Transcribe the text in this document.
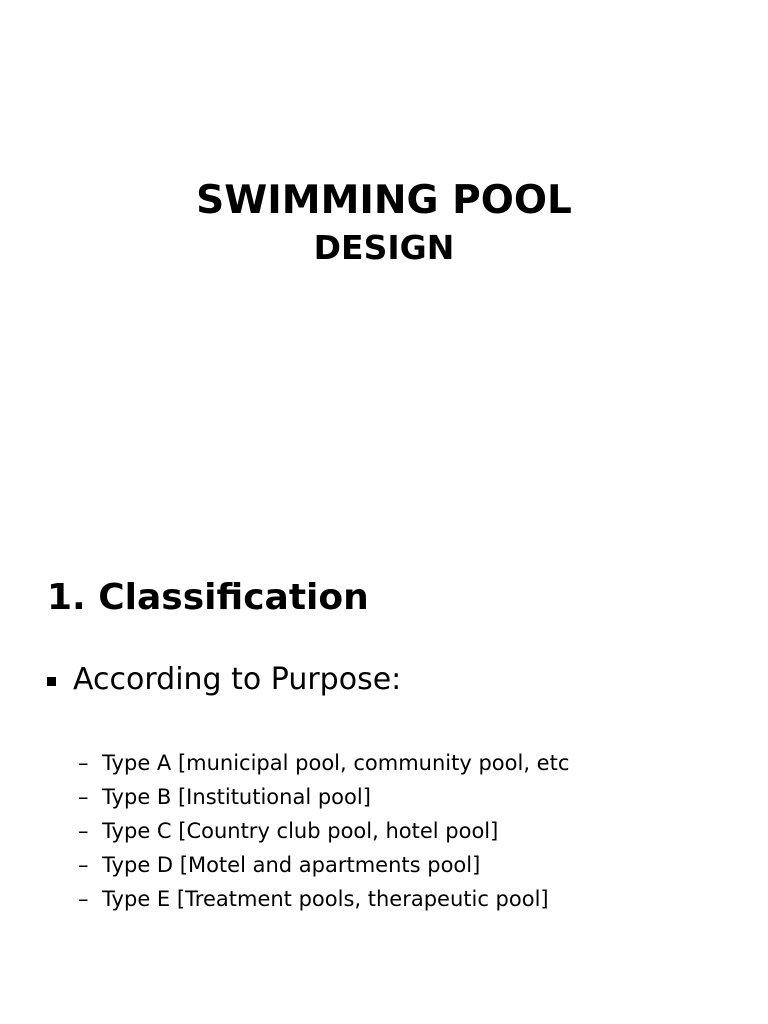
SWIMMING POOL

DESIGN

1. Classification
According to Purpose:
– Type A [municipal pool, community pool, etc
– Type B [Institutional pool]
– Type C [Country club pool, hotel pool]
– Type D [Motel and apartments pool]
– Type E [Treatment pools, therapeutic pool]
